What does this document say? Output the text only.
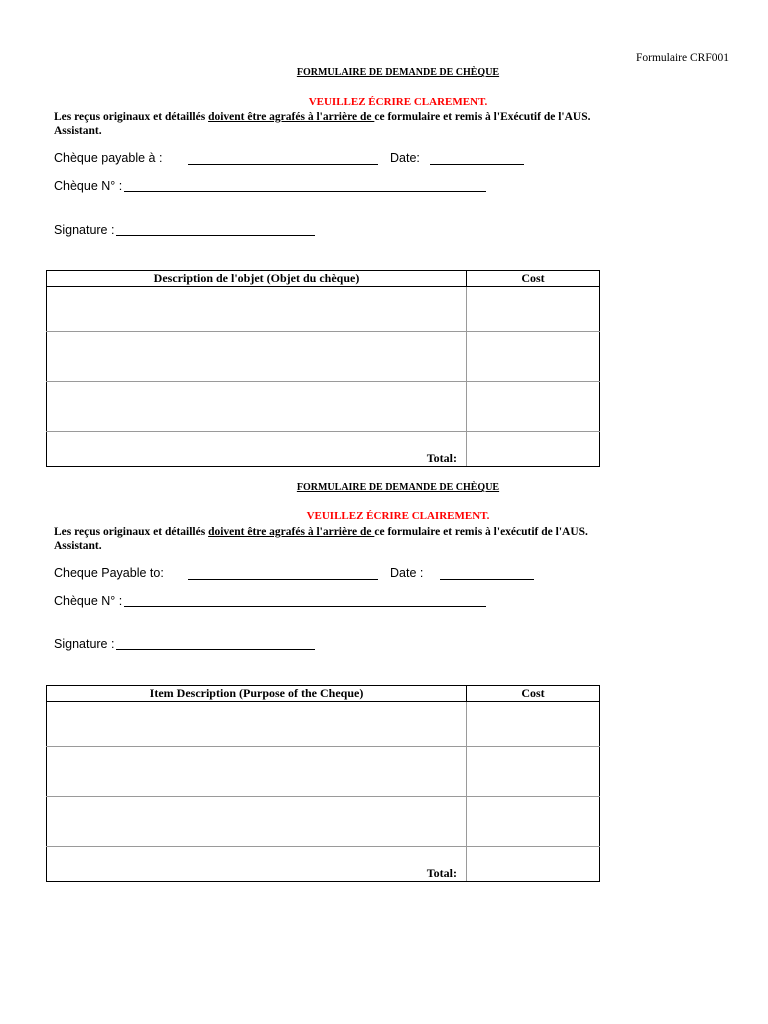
Formulaire CRF001
FORMULAIRE DE DEMANDE DE CHÈQUE
VEUILLEZ ÉCRIRE CLAREMENT.
Les reçus originaux et détaillés doivent être agrafés à l'arrière de ce formulaire et remis à l'Exécutif de l'AUS. Assistant.
Chèque payable à :	Date:
Chèque N° :
Signature :
Description de l'objet (Objet du chèque)	Cost

Total:	

FORMULAIRE DE DEMANDE DE CHÈQUE
VEUILLEZ ÉCRIRE CLAIREMENT.
Les reçus originaux et détaillés doivent être agrafés à l'arrière de ce formulaire et remis à l'exécutif de l'AUS. Assistant.
Cheque Payable to:	Date :
Chèque N° :
Signature :
Item Description (Purpose of the Cheque)	Cost

Total:	
